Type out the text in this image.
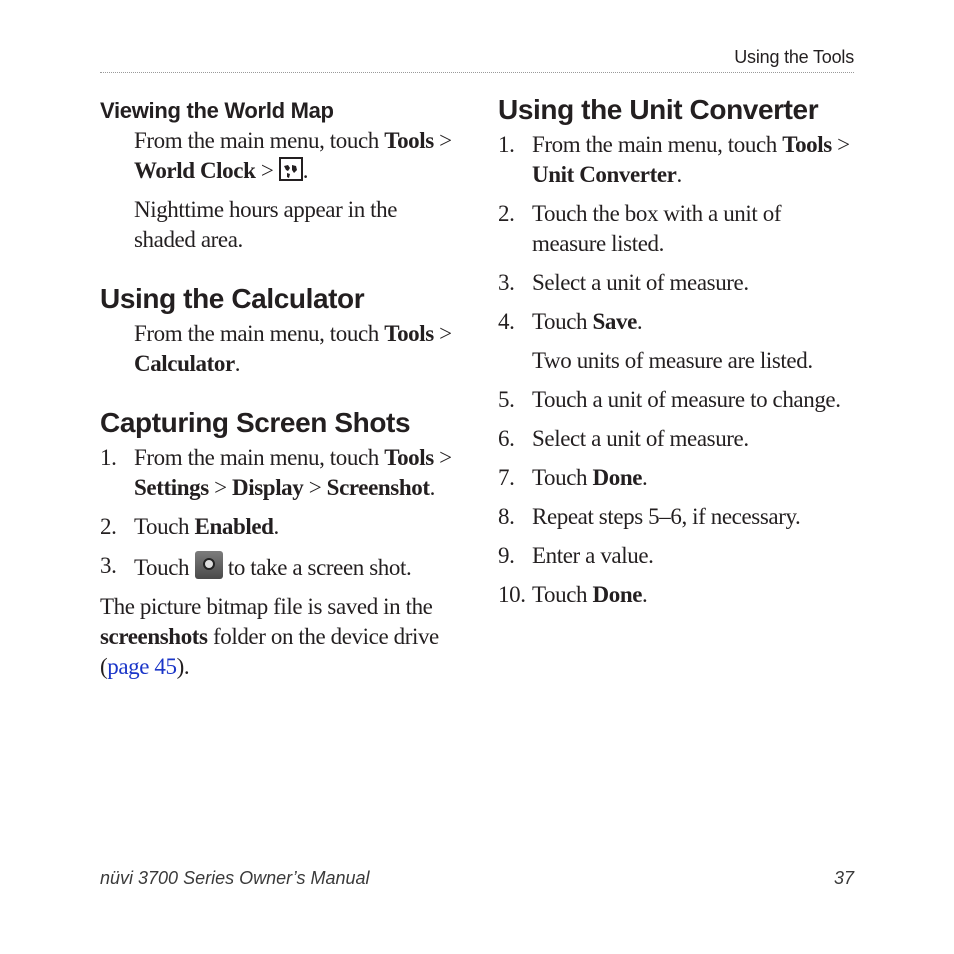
Using the Tools
Viewing the World Map

From the main menu, touch Tools > World Clock > .

Nighttime hours appear in the shaded area.

Using the Calculator

From the main menu, touch Tools > Calculator.

Capturing Screen Shots
1. From the main menu, touch Tools > Settings > Display > Screenshot.
2. Touch Enabled.
3. Touch  to take a screen shot.

The picture bitmap file is saved in the screenshots folder on the device drive (page 45).

Using the Unit Converter
1. From the main menu, touch Tools > Unit Converter.
2. Touch the box with a unit of measure listed.
3. Select a unit of measure.
4. Touch Save.

Two units of measure are listed.

5. Touch a unit of measure to change.
6. Select a unit of measure.
7. Touch Done.
8. Repeat steps 5–6, if necessary.
9. Enter a value.
10. Touch Done.
nüvi 3700 Series Owner’s Manual	37
